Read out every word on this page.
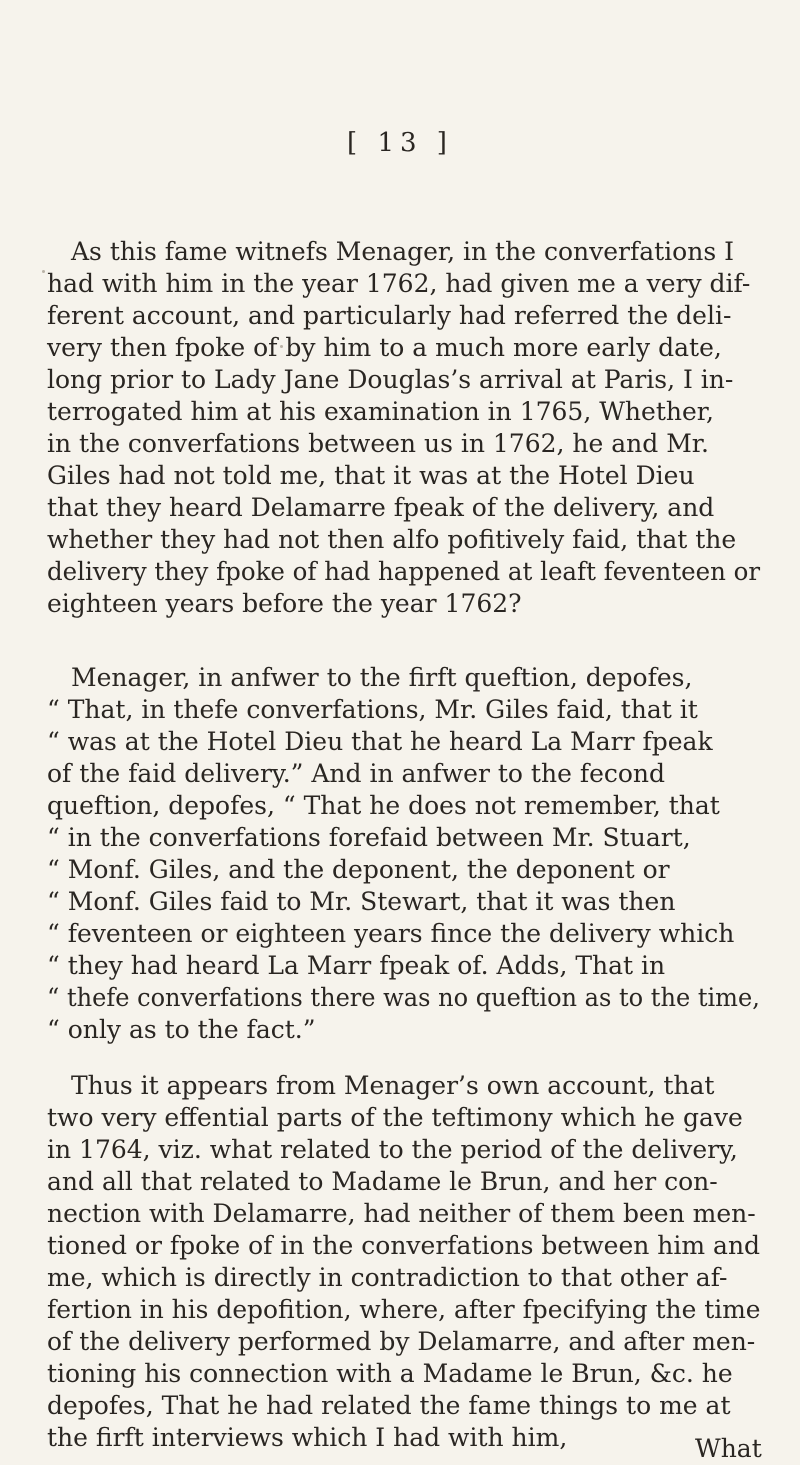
[ 13 ]
As this fame witnefs Menager, in the converfations I
had with him in the year 1762, had given me a very dif-
ferent account, and particularly had referred the deli-
very then fpoke of by him to a much more early date,
long prior to Lady Jane Douglas’s arrival at Paris, I in-
terrogated him at his examination in 1765, Whether,
in the converfations between us in 1762, he and Mr.
Giles had not told me, that it was at the Hotel Dieu
that they heard Delamarre fpeak of the delivery, and
whether they had not then alfo pofitively faid, that the
delivery they fpoke of had happened at leaft feventeen or
eighteen years before the year 1762?
Menager, in anfwer to the firft queftion, depofes,
“ That, in thefe converfations, Mr. Giles faid, that it
“ was at the Hotel Dieu that he heard La Marr fpeak
of the faid delivery.” And in anfwer to the fecond
queftion, depofes, “ That he does not remember, that
“ in the converfations forefaid between Mr. Stuart,
“ Monf. Giles, and the deponent, the deponent or
“ Monf. Giles faid to Mr. Stewart, that it was then
“ feventeen or eighteen years fince the delivery which
“ they had heard La Marr fpeak of. Adds, That in
“ thefe converfations there was no queftion as to the time,
“ only as to the fact.”
Thus it appears from Menager’s own account, that
two very effential parts of the teftimony which he gave
in 1764, viz. what related to the period of the delivery,
and all that related to Madame le Brun, and her con-
nection with Delamarre, had neither of them been men-
tioned or fpoke of in the converfations between him and
me, which is directly in contradiction to that other af-
fertion in his depofition, where, after fpecifying the time
of the delivery performed by Delamarre, and after men-
tioning his connection with a Madame le Brun, &c. he
depofes, That he had related the fame things to me at
the firft interviews which I had with him,	What
